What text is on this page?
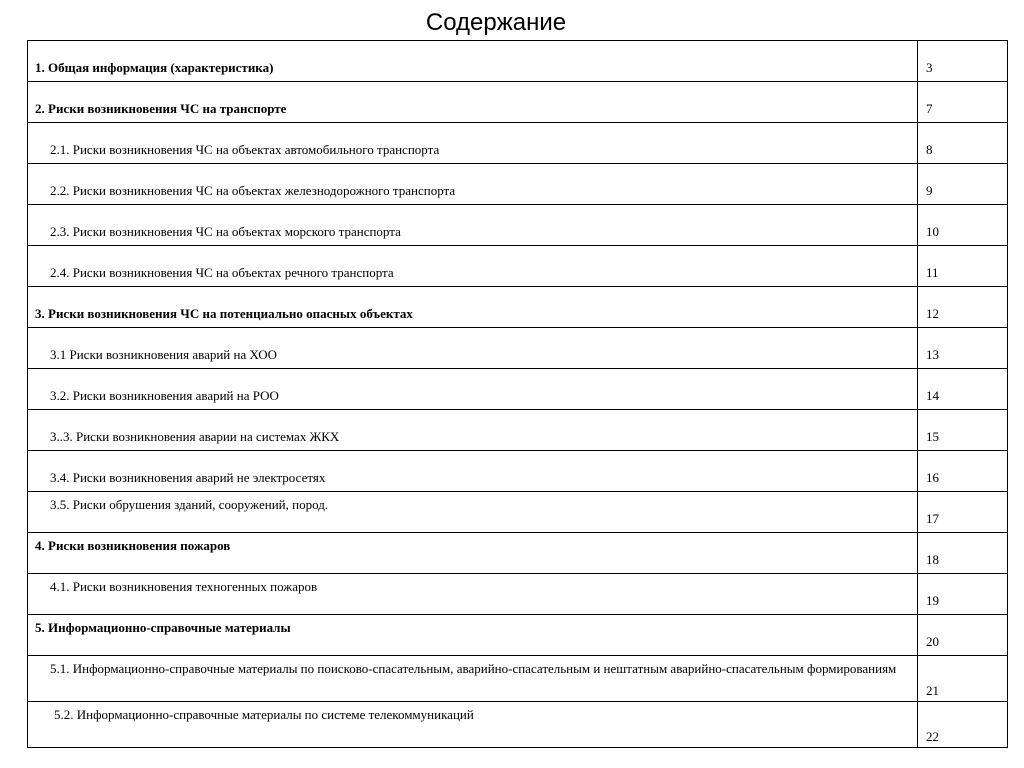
Содержание
1. Общая информация (характеристика)	3

2. Риски возникновения ЧС на транспорте	7

2.1. Риски возникновения ЧС на объектах автомобильного транспорта	8

2.2. Риски возникновения ЧС на объектах железнодорожного транспорта	9

2.3. Риски возникновения ЧС на объектах морского транспорта	10

2.4. Риски возникновения ЧС на объектах речного транспорта	11

3. Риски возникновения ЧС на потенциально опасных объектах	12

3.1 Риски возникновения аварий на ХОО	13

3.2. Риски возникновения аварий на РОО	14

3..3. Риски возникновения аварии на системах ЖКХ	15

3.4. Риски возникновения аварий не электросетях	16

3.5. Риски обрушения зданий, сооружений, пород.	17

4. Риски возникновения пожаров	18

4.1. Риски возникновения техногенных пожаров	19

5. Информационно-справочные материалы	20

5.1. Информационно-справочные материалы по поисково-спасательным, аварийно-спасательным и нештатным аварийно-спасательным формированиям	21

5.2. Информационно-справочные материалы по системе телекоммуникаций	22
